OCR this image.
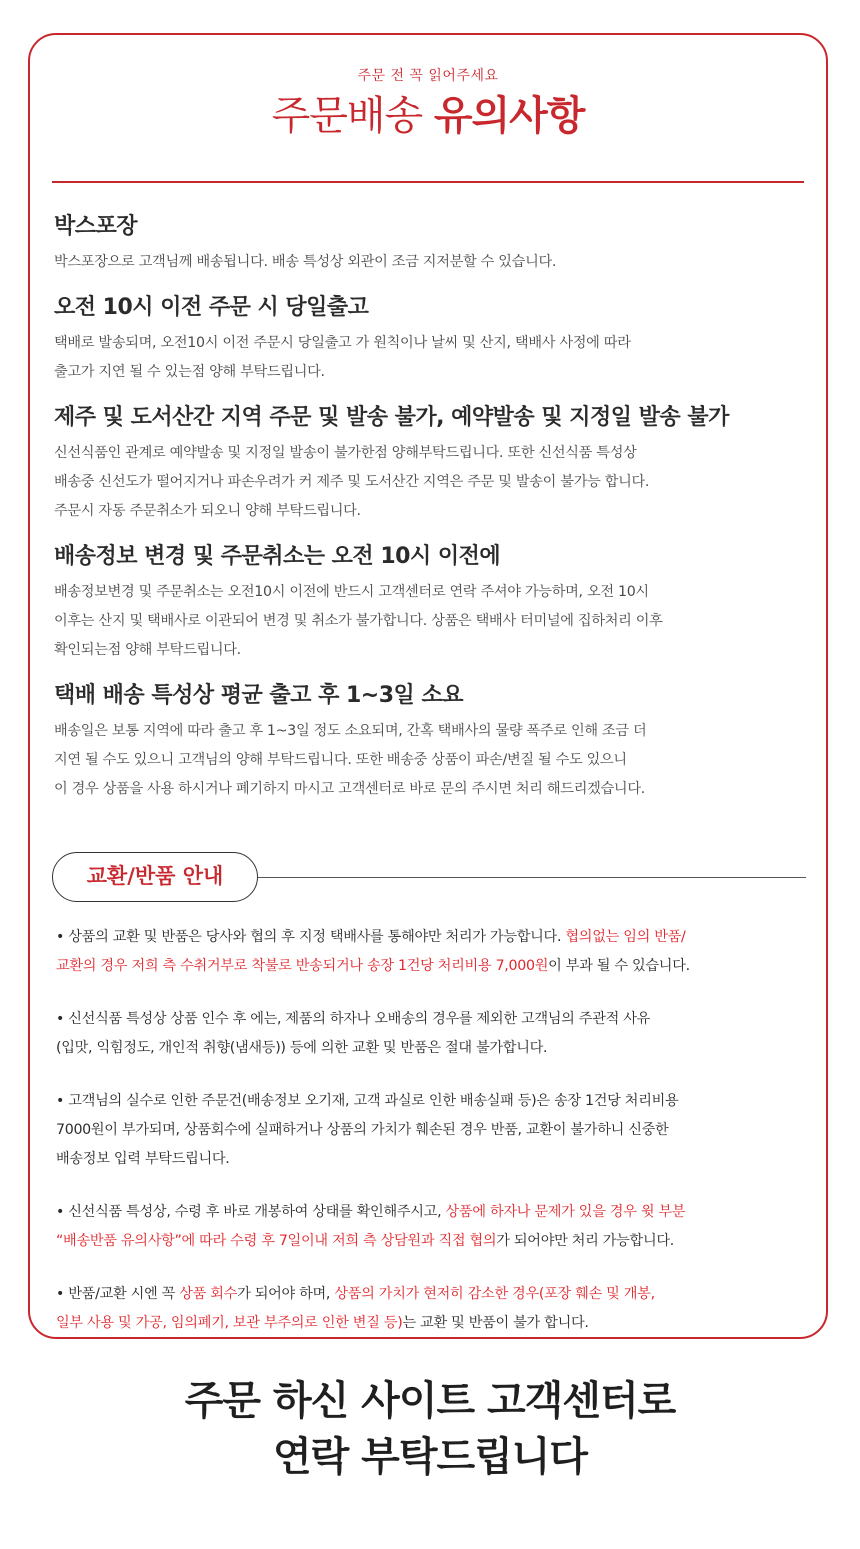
주문 전 꼭 읽어주세요
주문배송 유의사항
박스포장

박스포장으로 고객님께 배송됩니다. 배송 특성상 외관이 조금 지저분할 수 있습니다.

오전 10시 이전 주문 시 당일출고

택배로 발송되며, 오전10시 이전 주문시 당일출고 가 원칙이나 날씨 및 산지, 택배사 사정에 따라
출고가 지연 될 수 있는점 양해 부탁드립니다.

제주 및 도서산간 지역 주문 및 발송 불가, 예약발송 및 지정일 발송 불가

신선식품인 관계로 예약발송 및 지정일 발송이 불가한점 양해부탁드립니다. 또한 신선식품 특성상
배송중 신선도가 떨어지거나 파손우려가 커 제주 및 도서산간 지역은 주문 및 발송이 불가능 합니다.
주문시 자동 주문취소가 되오니 양해 부탁드립니다.

배송정보 변경 및 주문취소는 오전 10시 이전에

배송정보변경 및 주문취소는 오전10시 이전에 반드시 고객센터로 연락 주셔야 가능하며, 오전 10시
이후는 산지 및 택배사로 이관되어 변경 및 취소가 불가합니다. 상품은 택배사 터미널에 집하처리 이후
확인되는점 양해 부탁드립니다.

택배 배송 특성상 평균 출고 후 1~3일 소요

배송일은 보통 지역에 따라 출고 후 1~3일 정도 소요되며, 간혹 택배사의 물량 폭주로 인해 조금 더
지연 될 수도 있으니 고객님의 양해 부탁드립니다. 또한 배송중 상품이 파손/변질 될 수도 있으니
이 경우 상품을 사용 하시거나 폐기하지 마시고 고객센터로 바로 문의 주시면 처리 해드리겠습니다.

교환/반품 안내
• 상품의 교환 및 반품은 당사와 협의 후 지정 택배사를 통해야만 처리가 가능합니다. 협의없는 임의 반품/
교환의 경우 저희 측 수취거부로 착불로 반송되거나 송장 1건당 처리비용 7,000원이 부과 될 수 있습니다.
• 신선식품 특성상 상품 인수 후 에는, 제품의 하자나 오배송의 경우를 제외한 고객님의 주관적 사유
(입맛, 익힘정도, 개인적 취향(냄새등)) 등에 의한 교환 및 반품은 절대 불가합니다.
• 고객님의 실수로 인한 주문건(배송정보 오기재, 고객 과실로 인한 배송실패 등)은 송장 1건당 처리비용
7000원이 부가되며, 상품회수에 실패하거나 상품의 가치가 훼손된 경우 반품, 교환이 불가하니 신중한
배송정보 입력 부탁드립니다.
• 신선식품 특성상, 수령 후 바로 개봉하여 상태를 확인해주시고, 상품에 하자나 문제가 있을 경우 윗 부분
“배송반품 유의사항”에 따라 수령 후 7일이내 저희 측 상담원과 직접 협의가 되어야만 처리 가능합니다.
• 반품/교환 시엔 꼭 상품 회수가 되어야 하며, 상품의 가치가 현저히 감소한 경우(포장 훼손 및 개봉,
일부 사용 및 가공, 임의폐기, 보관 부주의로 인한 변질 등)는 교환 및 반품이 불가 합니다.
주문 하신 사이트 고객센터로
연락 부탁드립니다
